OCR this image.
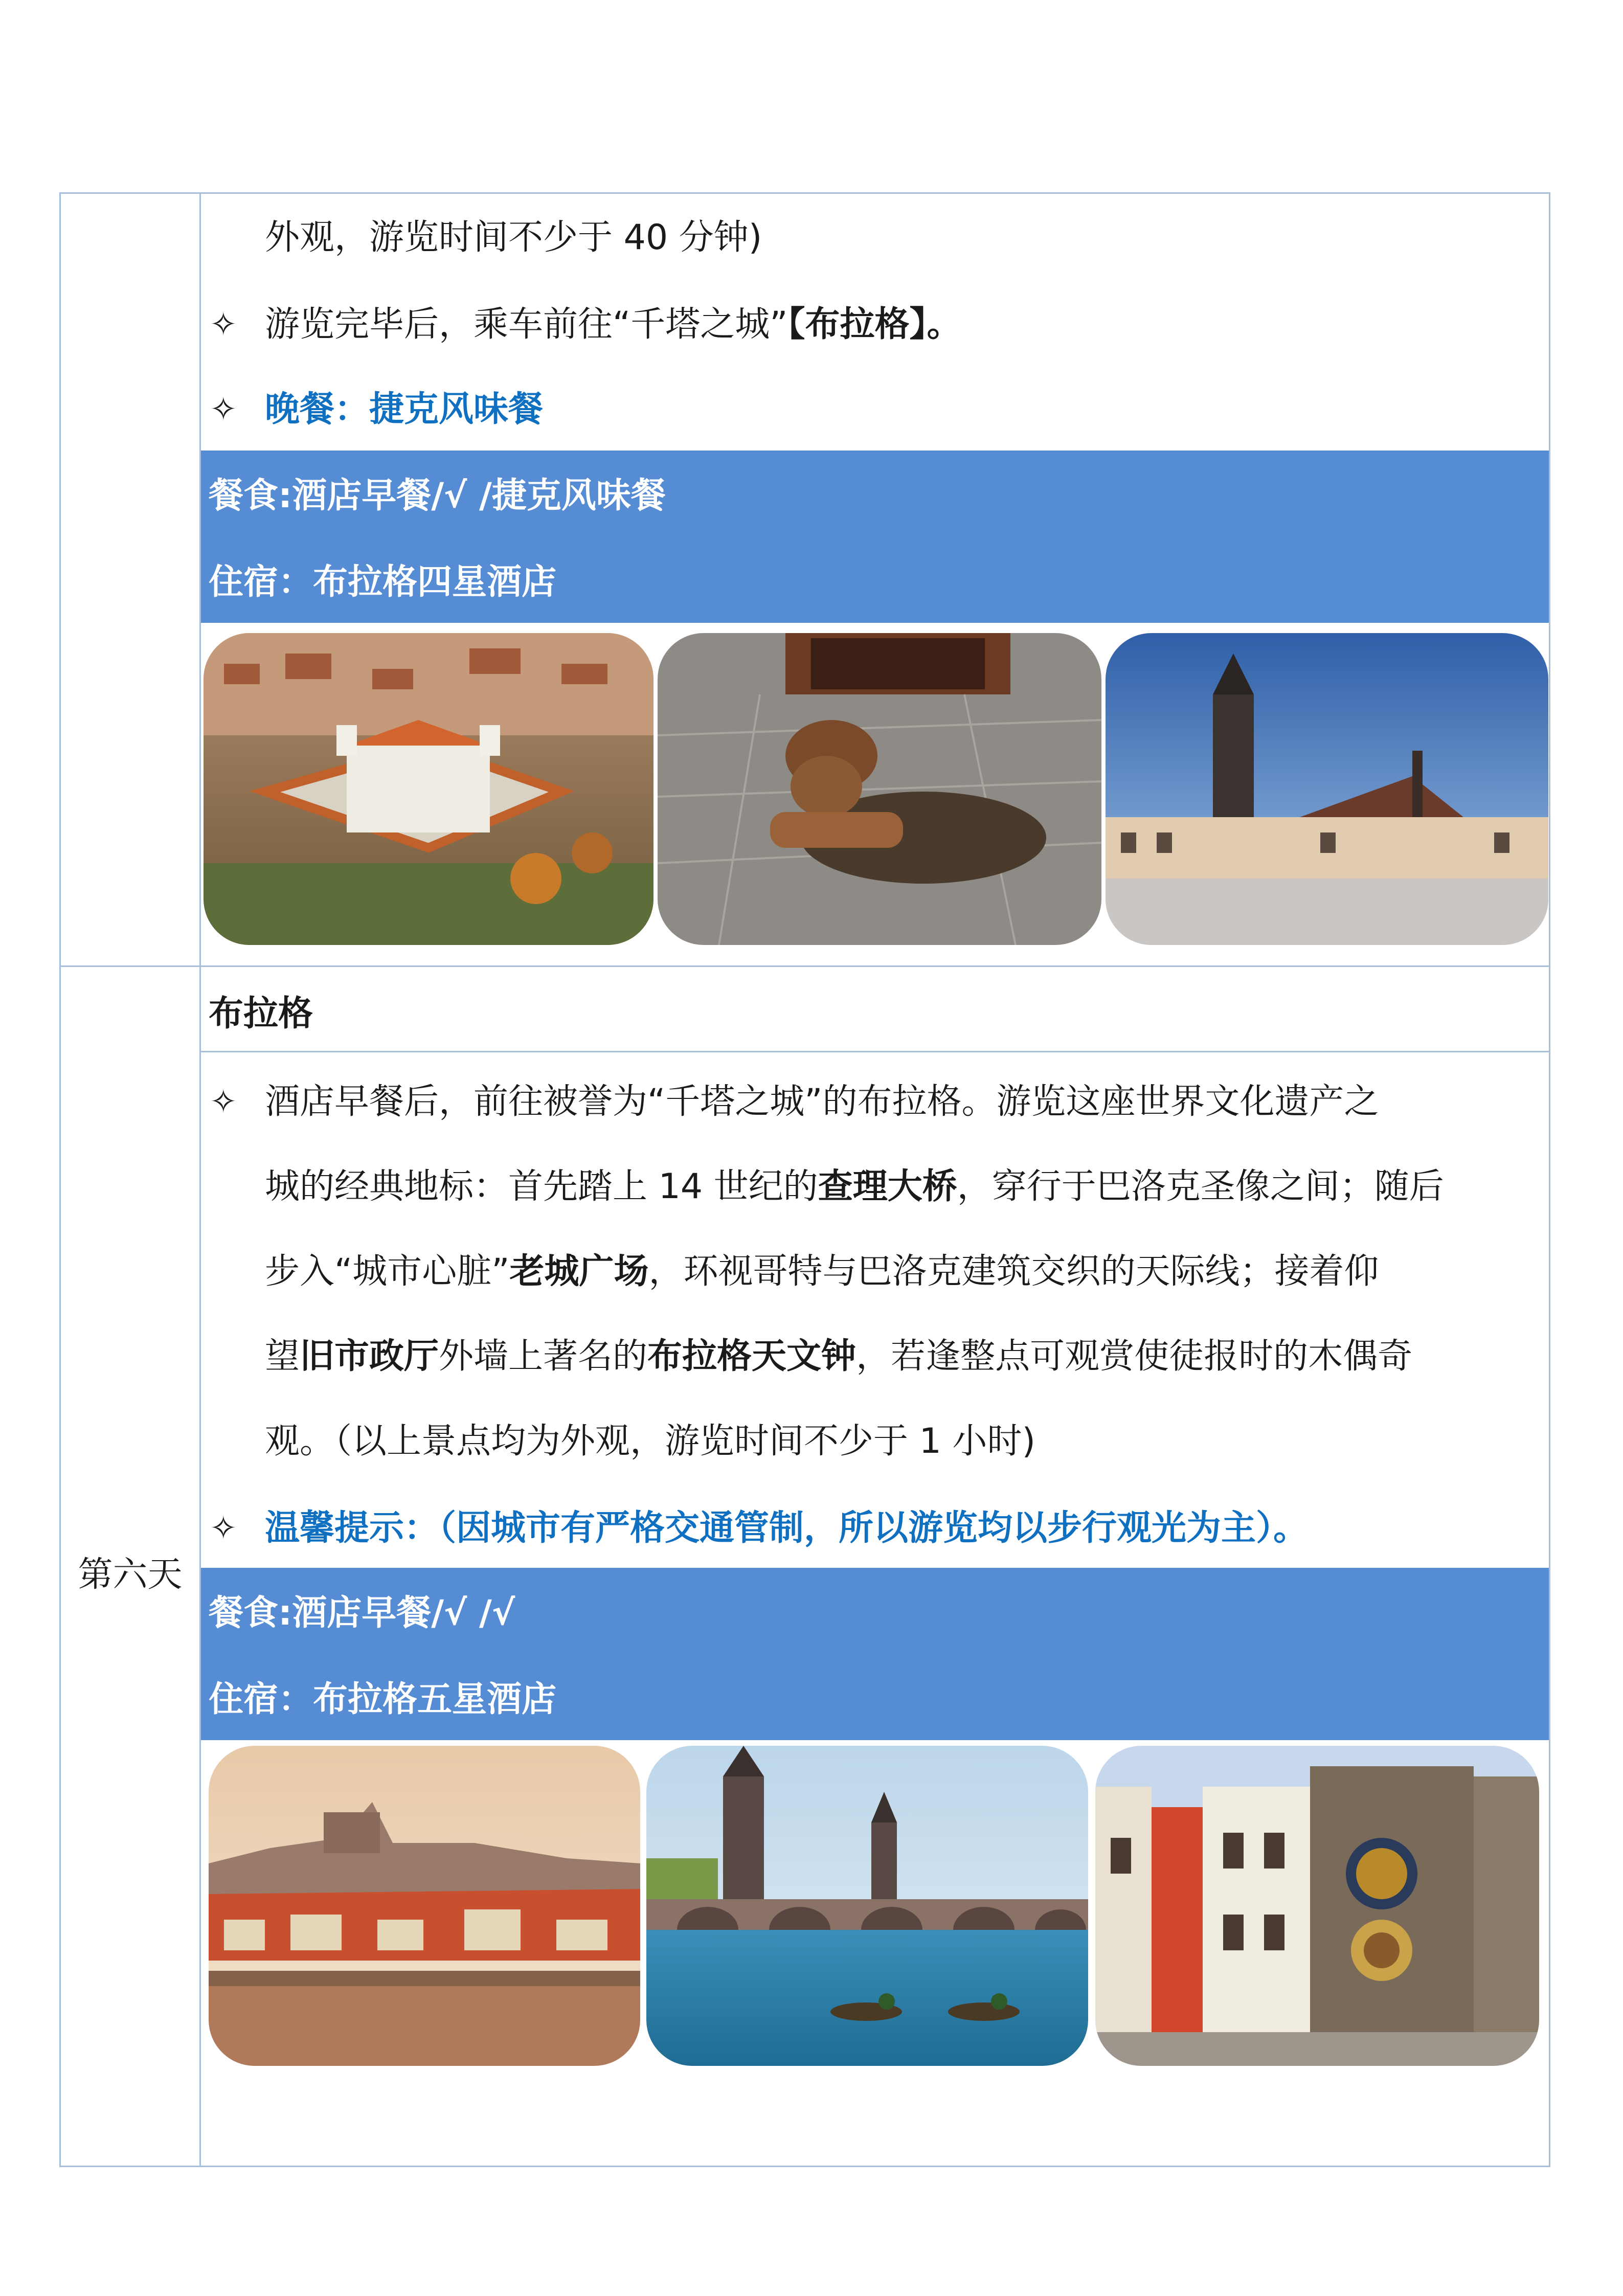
外观，游览时间不少于 40 分钟)
✧ 游览完毕后，乘车前往“千塔之城”【布拉格】。
✧ 晚餐：捷克风味餐
餐食:酒店早餐/√ /捷克风味餐
住宿：布拉格四星酒店
第六天
布拉格
✧ 酒店早餐后，前往被誉为“千塔之城”的布拉格。游览这座世界文化遗产之
城的经典地标：首先踏上 14 世纪的查理大桥，穿行于巴洛克圣像之间；随后
步入“城市心脏”老城广场，环视哥特与巴洛克建筑交织的天际线；接着仰
望旧市政厅外墙上著名的布拉格天文钟，若逢整点可观赏使徒报时的木偶奇
观。（以上景点均为外观，游览时间不少于 1 小时)
✧ 温馨提示：（因城市有严格交通管制，所以游览均以步行观光为主）。
餐食:酒店早餐/√ /√
住宿：布拉格五星酒店
